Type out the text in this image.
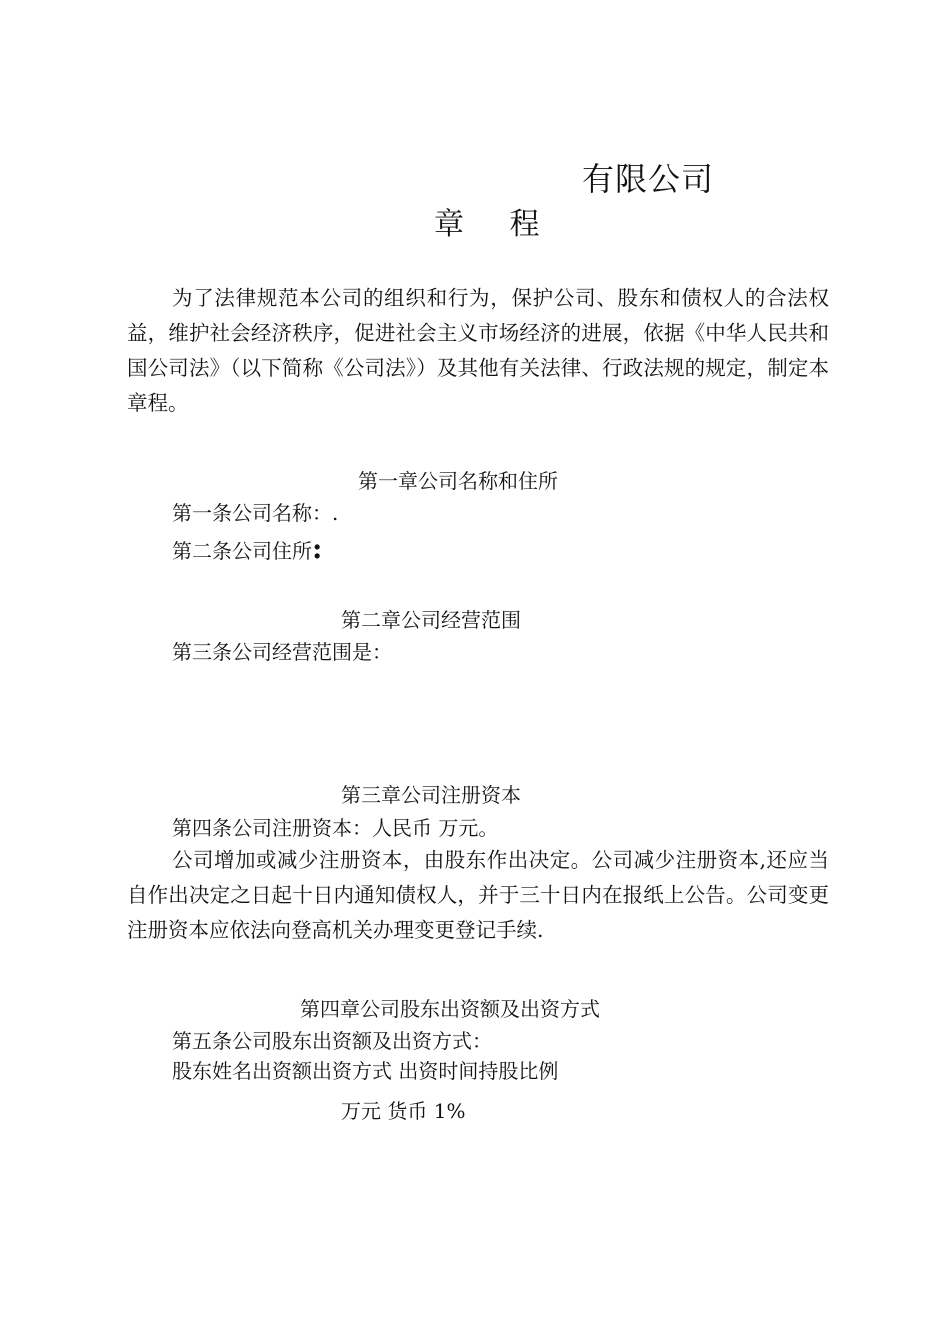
有限公司
章 程
为了法律规范本公司的组织和行为，保护公司、股东和债权人的合法权益，维护社会经济秩序，促进社会主义市场经济的进展，依据《中华人民共和国公司法》（以下简称《公司法》）及其他有关法律、行政法规的规定，制定本章程。
第一章公司名称和住所
第一条公司名称：.
第二条公司住所:
第二章公司经营范围
第三条公司经营范围是：
第三章公司注册资本
第四条公司注册资本：人民币 万元。
公司增加或减少注册资本，由股东作出决定。公司减少注册资本,还应当自作出决定之日起十日内通知债权人，并于三十日内在报纸上公告。公司变更注册资本应依法向登高机关办理变更登记手续.
第四章公司股东出资额及出资方式
第五条公司股东出资额及出资方式：
股东姓名出资额出资方式 出资时间持股比例
万元 货币 1%
